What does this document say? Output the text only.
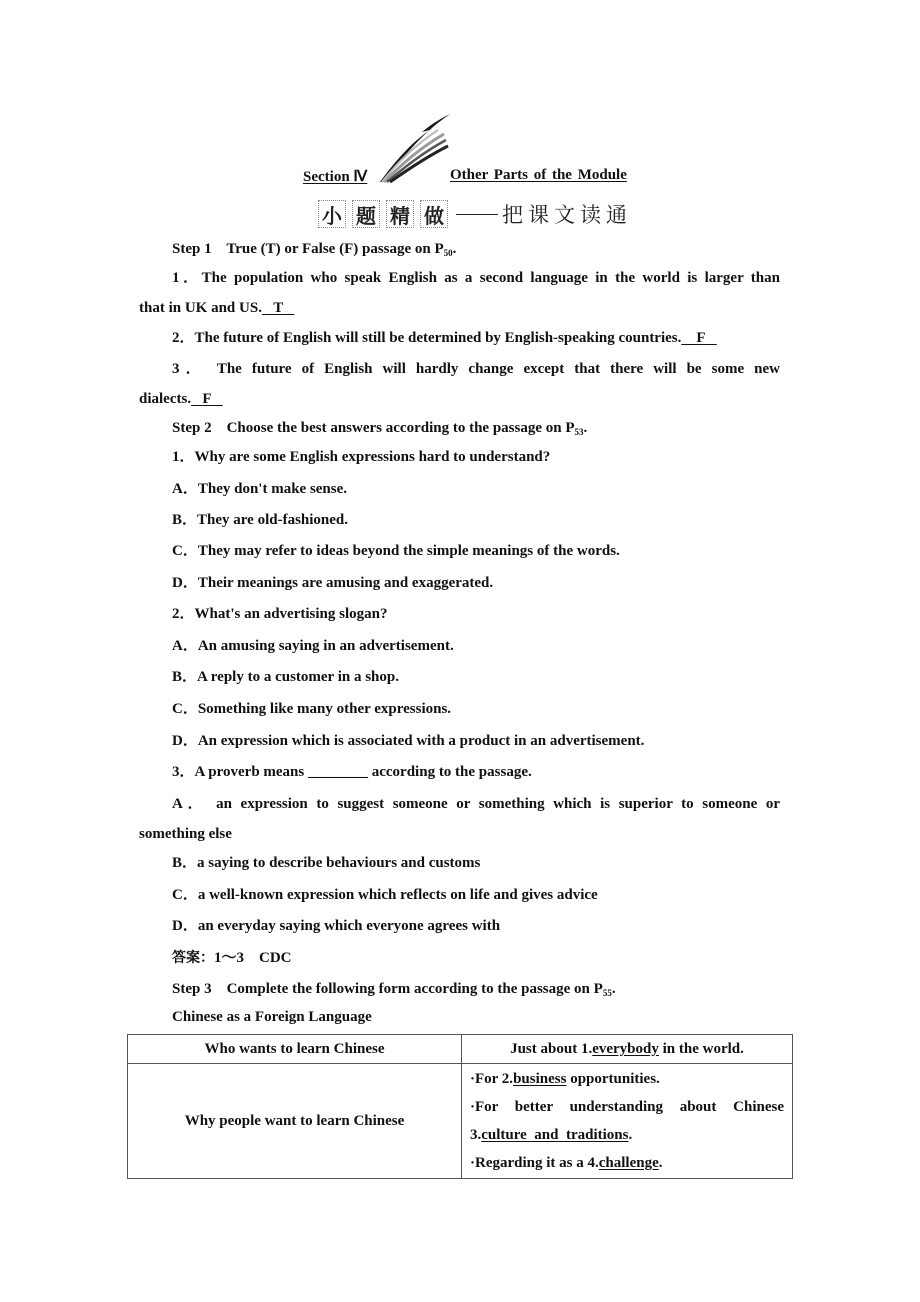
Section Ⅳ	Other Parts of the Module
小 题 精 做	把课文读通
Step 1 True (T) or False (F) passage on $P_{50}$.
1．The population who speak English as a second language in the world is larger than
that in UK and US. T
2．The future of English will still be determined by English-speaking countries. F
3． The future of English will hardly change except that there will be some new
dialects. F
Step 2 Choose the best answers according to the passage on $P_{53}$.
1．Why are some English expressions hard to understand?
A．They don't make sense.
B．They are old-fashioned.
C．They may refer to ideas beyond the simple meanings of the words.
D．Their meanings are amusing and exaggerated.
2．What's an advertising slogan?
A．An amusing saying in an advertisement.
B．A reply to a customer in a shop.
C．Something like many other expressions.
D．An expression which is associated with a product in an advertisement.
3．A proverb means ________ according to the passage.
A． an expression to suggest someone or something which is superior to someone or
something else
B．a saying to describe behaviours and customs
C．a well-known expression which reflects on life and gives advice
D．an everyday saying which everyone agrees with
答案：1～3　CDC
Step 3 Complete the following form according to the passage on $P_{55}$.
Chinese as a Foreign Language
Who wants to learn Chinese	Just about 1.everybody in the world.
Why people want to learn Chinese	·For 2.business opportunities.
·For better understanding about Chinese
3.culture  and  traditions.
·Regarding it as a 4.challenge.
